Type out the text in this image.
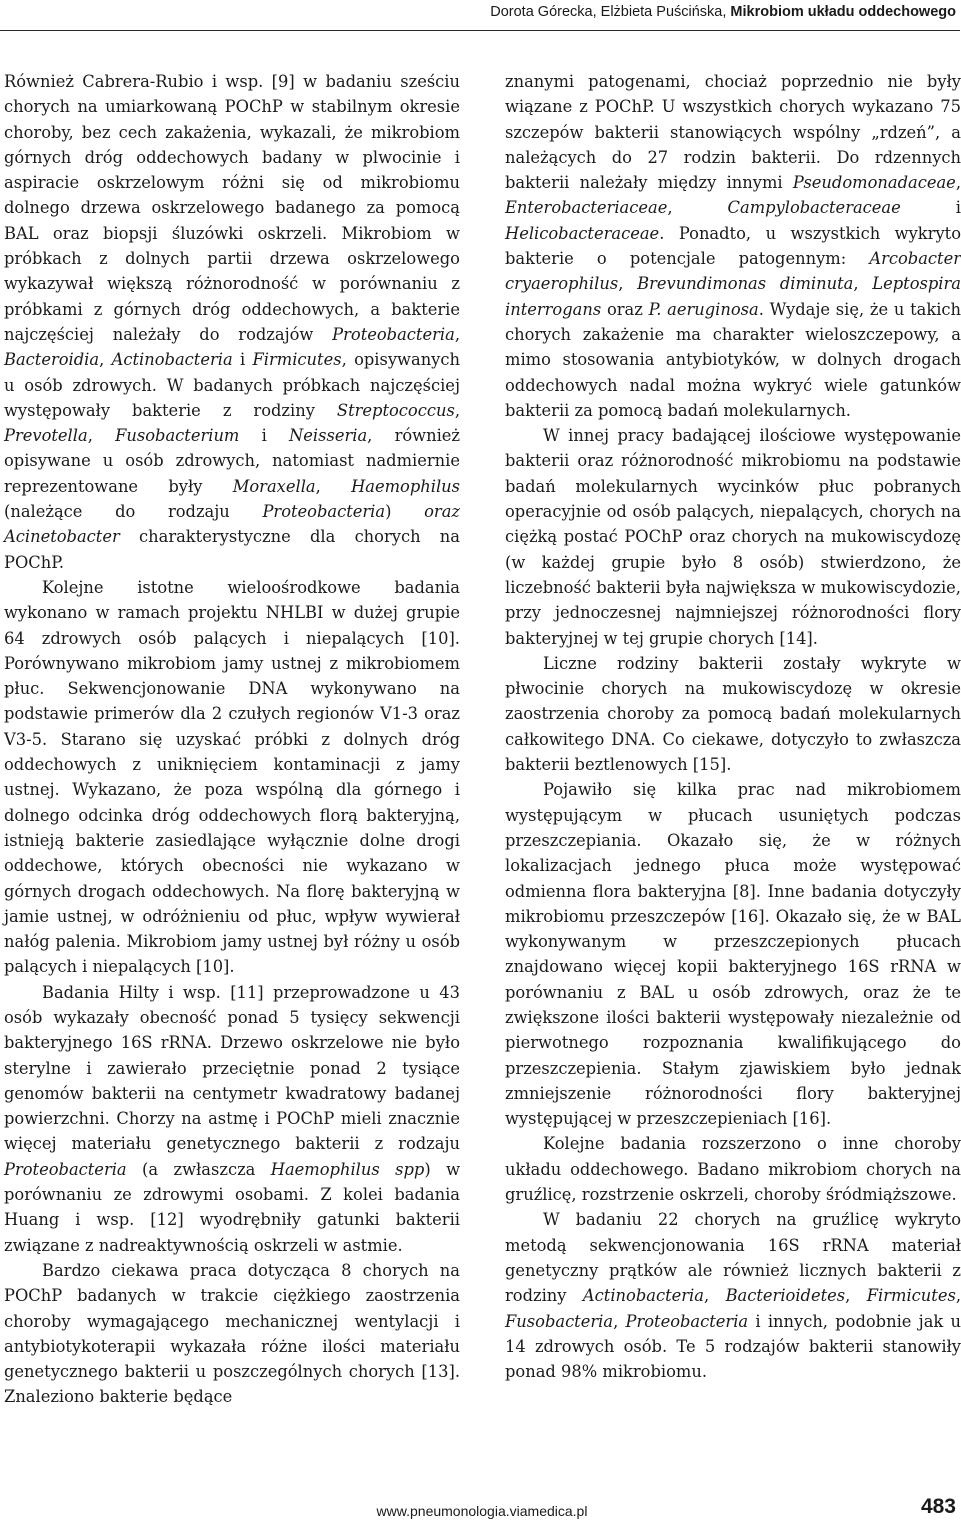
Dorota Górecka, Elżbieta Puścińska, Mikrobiom układu oddechowego

Również Cabrera-Rubio i wsp. [9] w badaniu sześciu chorych na umiarkowaną POChP w stabilnym okresie choroby, bez cech zakażenia, wykazali, że mikrobiom górnych dróg oddechowych badany w plwocinie i aspiracie oskrzelowym różni się od mikrobiomu dolnego drzewa oskrzelowego badanego za pomocą BAL oraz biopsji śluzówki oskrzeli. Mikrobiom w próbkach z dolnych partii drzewa oskrzelowego wykazywał większą różnorodność w porównaniu z próbkami z górnych dróg oddechowych, a bakterie najczęściej należały do rodzajów Proteobacteria, Bacteroidia, Actinobacteria i Firmicutes, opisywanych u osób zdrowych. W badanych próbkach najczęściej występowały bakterie z rodziny Streptococcus, Prevotella, Fusobacterium i Neisseria, również opisywane u osób zdrowych, natomiast nadmiernie reprezentowane były Moraxella, Haemophilus (należące do rodzaju Proteobacteria) oraz Acinetobacter charakterystyczne dla chorych na POChP.

Kolejne istotne wieloośrodkowe badania wykonano w ramach projektu NHLBI w dużej grupie 64 zdrowych osób palących i niepalących [10]. Porównywano mikrobiom jamy ustnej z mikrobiomem płuc. Sekwencjonowanie DNA wykonywano na podstawie primerów dla 2 czułych regionów V1-3 oraz V3-5. Starano się uzyskać próbki z dolnych dróg oddechowych z uniknięciem kontaminacji z jamy ustnej. Wykazano, że poza wspólną dla górnego i dolnego odcinka dróg oddechowych florą bakteryjną, istnieją bakterie zasiedlające wyłącznie dolne drogi oddechowe, których obecności nie wykazano w górnych drogach oddechowych. Na florę bakteryjną w jamie ustnej, w odróżnieniu od płuc, wpływ wywierał nałóg palenia. Mikrobiom jamy ustnej był różny u osób palących i niepalących [10].

Badania Hilty i wsp. [11] przeprowadzone u 43 osób wykazały obecność ponad 5 tysięcy sekwencji bakteryjnego 16S rRNA. Drzewo oskrzelowe nie było sterylne i zawierało przeciętnie ponad 2 tysiące genomów bakterii na centymetr kwadratowy badanej powierzchni. Chorzy na astmę i POChP mieli znacznie więcej materiału genetycznego bakterii z rodzaju Proteobacteria (a zwłaszcza Haemophilus spp) w porównaniu ze zdrowymi osobami. Z kolei badania Huang i wsp. [12] wyodrębniły gatunki bakterii związane z nadreaktywnością oskrzeli w astmie.

Bardzo ciekawa praca dotycząca 8 chorych na POChP badanych w trakcie ciężkiego zaostrzenia choroby wymagającego mechanicznej wentylacji i antybiotykoterapii wykazała różne ilości materiału genetycznego bakterii u poszczególnych chorych [13]. Znaleziono bakterie będące

znanymi patogenami, chociaż poprzednio nie były wiązane z POChP. U wszystkich chorych wykazano 75 szczepów bakterii stanowiących wspólny „rdzeń”, a należących do 27 rodzin bakterii. Do rdzennych bakterii należały między innymi Pseudomonadaceae, Enterobacteriaceae, Campylobacteraceae i Helicobacteraceae. Ponadto, u wszystkich wykryto bakterie o potencjale patogennym: Arcobacter cryaerophilus, Brevundimonas diminuta, Leptospira interrogans oraz P. aeruginosa. Wydaje się, że u takich chorych zakażenie ma charakter wieloszczepowy, a mimo stosowania antybiotyków, w dolnych drogach oddechowych nadal można wykryć wiele gatunków bakterii za pomocą badań molekularnych.

W innej pracy badającej ilościowe występowanie bakterii oraz różnorodność mikrobiomu na podstawie badań molekularnych wycinków płuc pobranych operacyjnie od osób palących, niepalących, chorych na ciężką postać POChP oraz chorych na mukowiscydozę (w każdej grupie było 8 osób) stwierdzono, że liczebność bakterii była największa w mukowiscydozie, przy jednoczesnej najmniejszej różnorodności flory bakteryjnej w tej grupie chorych [14].

Liczne rodziny bakterii zostały wykryte w płwocinie chorych na mukowiscydozę w okresie zaostrzenia choroby za pomocą badań molekularnych całkowitego DNA. Co ciekawe, dotyczyło to zwłaszcza bakterii beztlenowych [15].

Pojawiło się kilka prac nad mikrobiomem występującym w płucach usuniętych podczas przeszczepiania. Okazało się, że w różnych lokalizacjach jednego płuca może występować odmienna flora bakteryjna [8]. Inne badania dotyczyły mikrobiomu przeszczepów [16]. Okazało się, że w BAL wykonywanym w przeszczepionych płucach znajdowano więcej kopii bakteryjnego 16S rRNA w porównaniu z BAL u osób zdrowych, oraz że te zwiększone ilości bakterii występowały niezależnie od pierwotnego rozpoznania kwalifikującego do przeszczepienia. Stałym zjawiskiem było jednak zmniejszenie różnorodności flory bakteryjnej występującej w przeszczepieniach [16].

Kolejne badania rozszerzono o inne choroby układu oddechowego. Badano mikrobiom chorych na gruźlicę, rozstrzenie oskrzeli, choroby śródmiąższowe.

W badaniu 22 chorych na gruźlicę wykryto metodą sekwencjonowania 16S rRNA materiał genetyczny prątków ale również licznych bakterii z rodziny Actinobacteria, Bacterioidetes, Firmicutes, Fusobacteria, Proteobacteria i innych, podobnie jak u 14 zdrowych osób. Te 5 rodzajów bakterii stanowiły ponad 98% mikrobiomu.

www.pneumonologia.viamedica.pl	483
